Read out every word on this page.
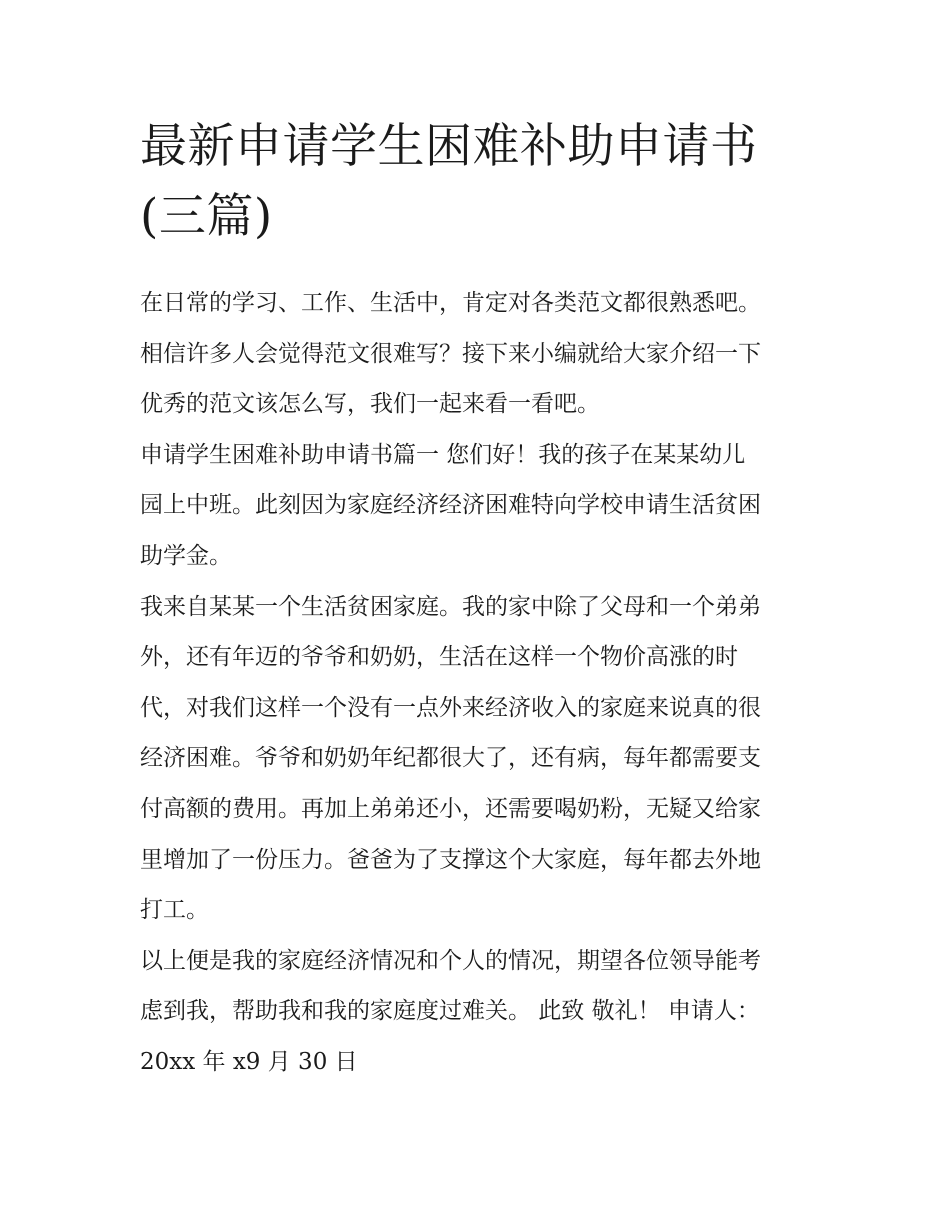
最新申请学生困难补助申请书
(三篇)

在日常的学习、工作、生活中，肯定对各类范文都很熟悉吧。
相信许多人会觉得范文很难写？接下来小编就给大家介绍一下
优秀的范文该怎么写，我们一起来看一看吧。

申请学生困难补助申请书篇一 您们好！我的孩子在某某幼儿
园上中班。此刻因为家庭经济经济困难特向学校申请生活贫困
助学金。

我来自某某一个生活贫困家庭。我的家中除了父母和一个弟弟
外，还有年迈的爷爷和奶奶，生活在这样一个物价高涨的时
代，对我们这样一个没有一点外来经济收入的家庭来说真的很
经济困难。爷爷和奶奶年纪都很大了，还有病，每年都需要支
付高额的费用。再加上弟弟还小，还需要喝奶粉，无疑又给家
里增加了一份压力。爸爸为了支撑这个大家庭，每年都去外地
打工。

以上便是我的家庭经济情况和个人的情况，期望各位领导能考
虑到我，帮助我和我的家庭度过难关。 此致 敬礼！ 申请人：
20xx 年 x9 月 30 日
